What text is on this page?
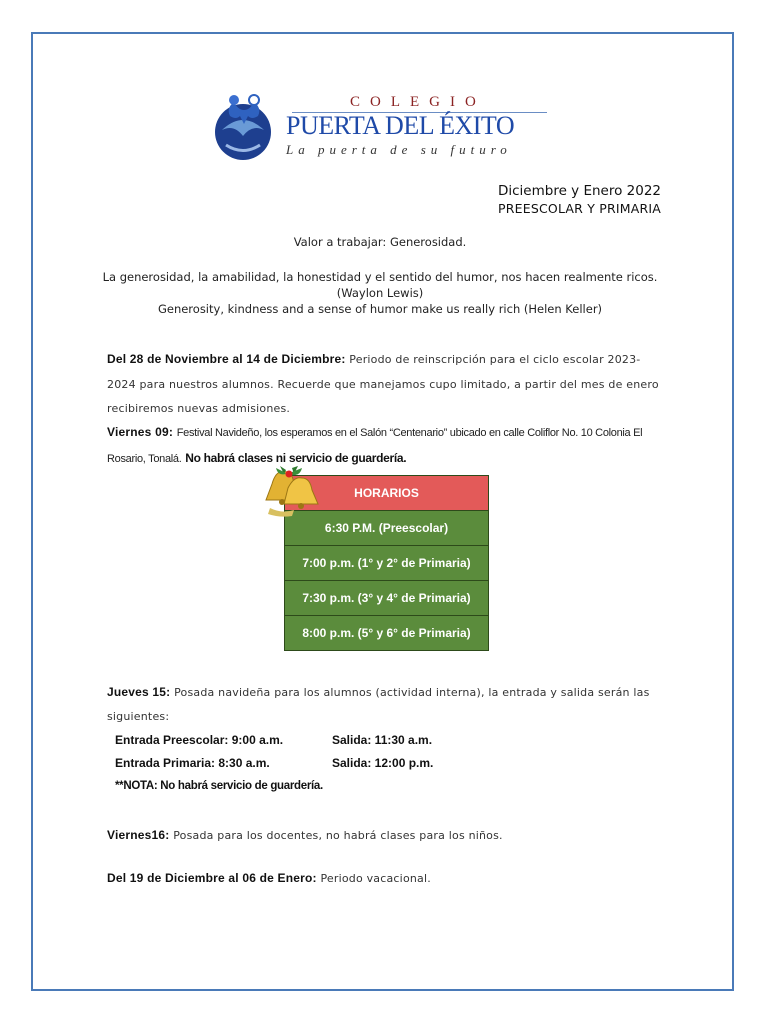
COLEGIO
PUERTA DEL ÉXITO
La puerta de su futuro
Diciembre y Enero 2022
PREESCOLAR Y PRIMARIA
Valor a trabajar: Generosidad.
La generosidad, la amabilidad, la honestidad y el sentido del humor, nos hacen realmente ricos. (Waylon Lewis)
Generosity, kindness and a sense of humor make us really rich (Helen Keller)
Del 28 de Noviembre al 14 de Diciembre: Periodo de reinscripción para el ciclo escolar 2023-2024 para nuestros alumnos. Recuerde que manejamos cupo limitado, a partir del mes de enero recibiremos nuevas admisiones.
Viernes 09: Festival Navideño, los esperamos en el Salón “Centenario” ubicado en calle Coliflor No. 10 Colonia El Rosario, Tonalá. No habrá clases ni servicio de guardería.
HORARIOS
6:30 P.M. (Preescolar)
7:00 p.m. (1° y 2° de Primaria)
7:30 p.m. (3° y 4° de Primaria)
8:00 p.m. (5° y 6° de Primaria)
Jueves 15: Posada navideña para los alumnos (actividad interna), la entrada y salida serán las siguientes:
Entrada Preescolar: 9:00 a.m.	Salida: 11:30 a.m.
Entrada Primaria: 8:30 a.m.	Salida: 12:00 p.m.
**NOTA: No habrá servicio de guardería.
Viernes16: Posada para los docentes, no habrá clases para los niños.
Del 19 de Diciembre al 06 de Enero: Periodo vacacional.
